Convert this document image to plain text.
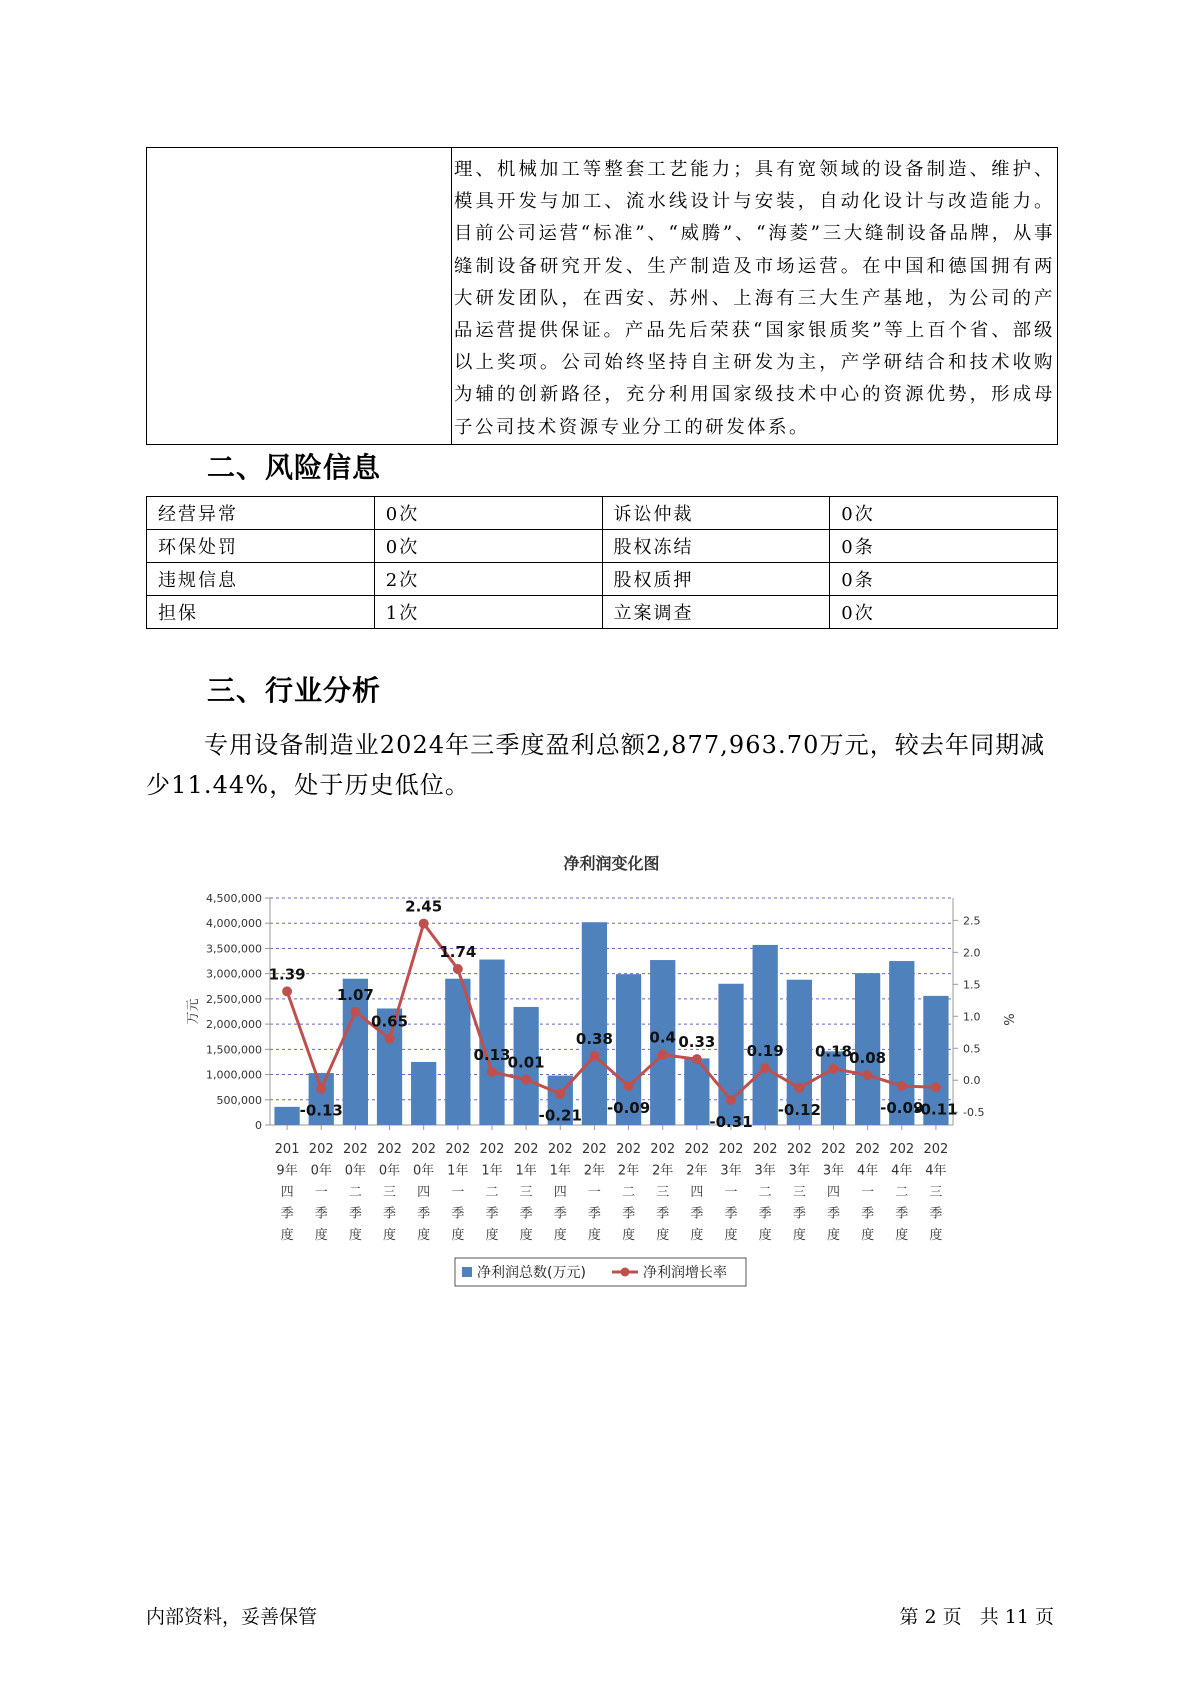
理、机械加工等整套工艺能力；具有宽领域的设备制造、维护、模具开发与加工、流水线设计与安装，自动化设计与改造能力。目前公司运营“标准”、“威腾”、“海菱”三大缝制设备品牌，从事缝制设备研究开发、生产制造及市场运营。在中国和德国拥有两大研发团队，在西安、苏州、上海有三大生产基地，为公司的产品运营提供保证。产品先后荣获“国家银质奖”等上百个省、部级以上奖项。公司始终坚持自主研发为主，产学研结合和技术收购为辅的创新路径，充分利用国家级技术中心的资源优势，形成母子公司技术资源专业分工的研发体系。

二、风险信息
经营异常	0次	诉讼仲裁	0次
环保处罚	0次	股权冻结	0条
违规信息	2次	股权质押	0条
担保	1次	立案调查	0次
三、行业分析

专用设备制造业2024年三季度盈利总额2,877,963.70万元，较去年同期减少11.44%，处于历史低位。

净利润变化图
0
500,000
1,000,000
1,500,000
2,000,000
2,500,000
3,000,000
3,500,000
4,000,000
4,500,000
-0.5
0.0
0.5
1.0
1.5
2.0
2.5
万元	%
201
9年
四
季
度
202
0年
一
季
度
202
0年
二
季
度
202
0年
三
季
度
202
0年
四
季
度
202
1年
一
季
度
202
1年
二
季
度
202
1年
三
季
度
202
1年
四
季
度
202
2年
一
季
度
202
2年
二
季
度
202
2年
三
季
度
202
2年
四
季
度
202
3年
一
季
度
202
3年
二
季
度
202
3年
三
季
度
202
3年
四
季
度
202
4年
一
季
度
202
4年
二
季
度
202
4年
三
季
度
1.39
-0.13
1.07
0.65
2.45
1.74
0.13
0.01
-0.21
0.38
-0.09
0.4 0.33
-0.31
0.19
-0.12
0.18
0.08
-0.09
-0.11
净利润总数(万元)	净利润增长率

内部资料，妥善保管	第 2 页   共 11 页
